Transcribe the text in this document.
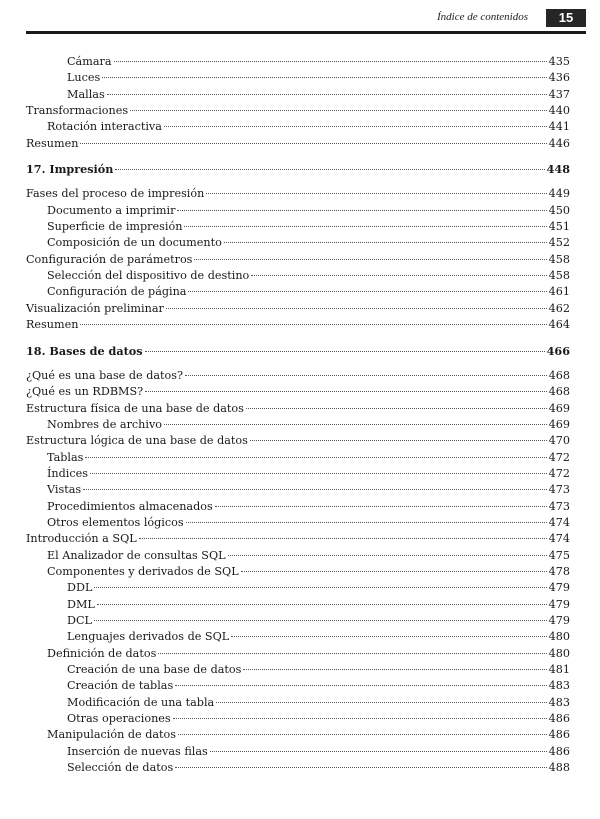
Índice de contenidos	15
Cámara	435
Luces	436
Mallas	437
Transformaciones	440
Rotación interactiva	441
Resumen	446
17. Impresión	448
Fases del proceso de impresión	449
Documento a imprimir	450
Superficie de impresión	451
Composición de un documento	452
Configuración de parámetros	458
Selección del dispositivo de destino	458
Configuración de página	461
Visualización preliminar	462
Resumen	464
18. Bases de datos	466
¿Qué es una base de datos?	468
¿Qué es un RDBMS?	468
Estructura física de una base de datos	469
Nombres de archivo	469
Estructura lógica de una base de datos	470
Tablas	472
Índices	472
Vistas	473
Procedimientos almacenados	473
Otros elementos lógicos	474
Introducción a SQL	474
El Analizador de consultas SQL	475
Componentes y derivados de SQL	478
DDL	479
DML	479
DCL	479
Lenguajes derivados de SQL	480
Definición de datos	480
Creación de una base de datos	481
Creación de tablas	483
Modificación de una tabla	483
Otras operaciones	486
Manipulación de datos	486
Inserción de nuevas filas	486
Selección de datos	488
